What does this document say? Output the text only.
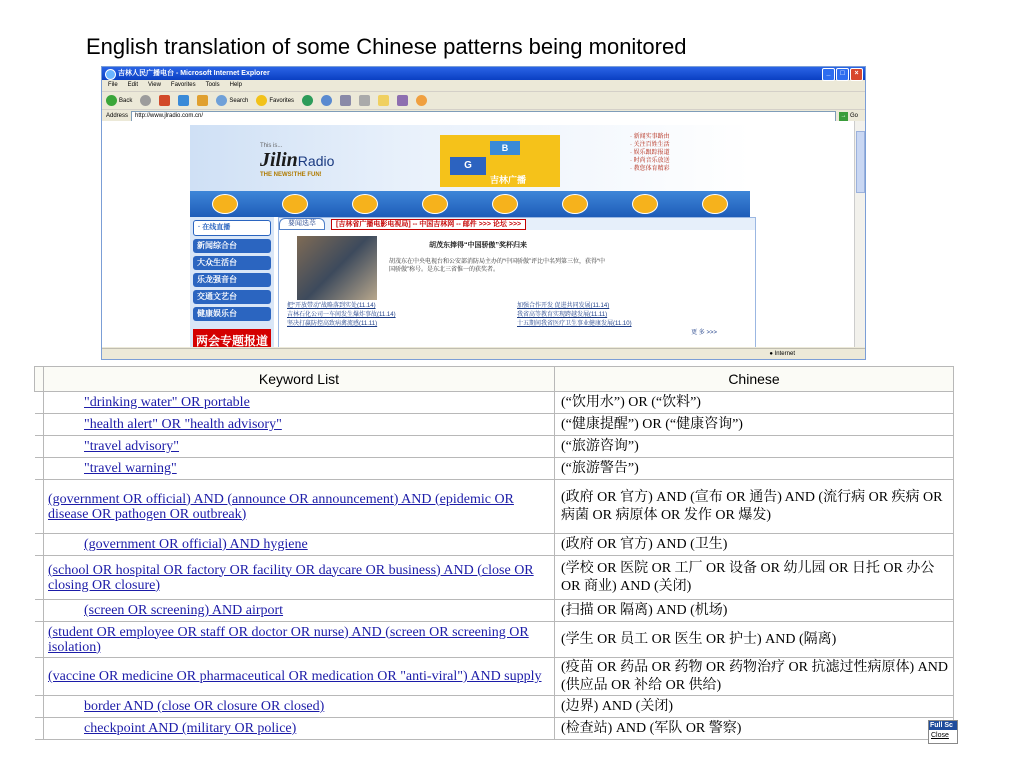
English translation of some Chinese patterns being monitored
吉林人民广播电台 - Microsoft Internet Explorer	_	□	×
File Edit View Favorites Tools Help
Back	Search	Favorites
Address	http://www.jlradio.com.cn/	→ Go
This is...
JilinRadio
THE NEWS!THE FUN!
B
G
吉林广播
· 新闻实事路由
· 关注百姓生活
· 娱乐跟踪报道
· 时尚音乐放送
· 教您体育精彩
· 在线直播
新闻综合台
大众生活台
乐龙强音台
交通文艺台
健康娱乐台
两会专题报道
要闻选萃	[吉林省广播电影电视局] -- 中国吉林网 -- 邮件 >>> 论坛 >>>
胡茂东捧得“中国骄傲”奖杯归来
胡茂东在中央电视台和公安部消防局主办的“中国骄傲”评比中名列第三位，获得“中国骄傲”称号。是东北三省惟一的获奖者。
把“开放带动”战略落到实处(11.14)	加强合作开发 促进共同发展(11.14)
吉林石化公司一车间发生爆炸事故(11.14)	我省高等教育实现跨越发展(11.11)
坚决打赢防控高致病禽流感(11.11)	十五期间我省医疗卫生事业健康发展(11.10)
更 多 >>>
● Internet
	Keyword List	Chinese
	"drinking water" OR portable	(“饮用水”) OR (“饮料”)
	"health alert" OR "health advisory"	(“健康提醒”) OR (“健康咨询”)
	"travel advisory"	(“旅游咨询”)
	"travel warning"	(“旅游警告”)
	(government OR official) AND (announce OR announcement) AND (epidemic OR disease OR pathogen OR outbreak)	(政府 OR 官方) AND (宣布 OR 通告) AND (流行病 OR 疾病 OR 病菌 OR 病原体 OR 发作 OR 爆发)
	(government OR official) AND hygiene	(政府 OR 官方) AND (卫生)
	(school OR hospital OR factory OR facility OR daycare OR business) AND (close OR closing OR closure)	(学校 OR 医院 OR 工厂 OR 设备 OR 幼儿园 OR 日托 OR 办公 OR 商业) AND (关闭)
	(screen OR screening) AND airport	(扫描 OR 隔离) AND (机场)
	(student OR employee OR staff OR doctor OR nurse) AND (screen OR screening OR isolation)	(学生 OR 员工 OR 医生 OR 护士) AND (隔离)
	(vaccine OR medicine OR pharmaceutical OR medication OR "anti-viral") AND supply	(疫苗 OR 药品 OR 药物 OR 药物治疗 OR 抗滤过性病原体) AND (供应品 OR 补给 OR 供给)
	border AND (close OR closure OR closed)	(边界) AND (关闭)
	checkpoint AND (military OR police)	(检查站) AND (军队 OR 警察)	Full Sc
Close
